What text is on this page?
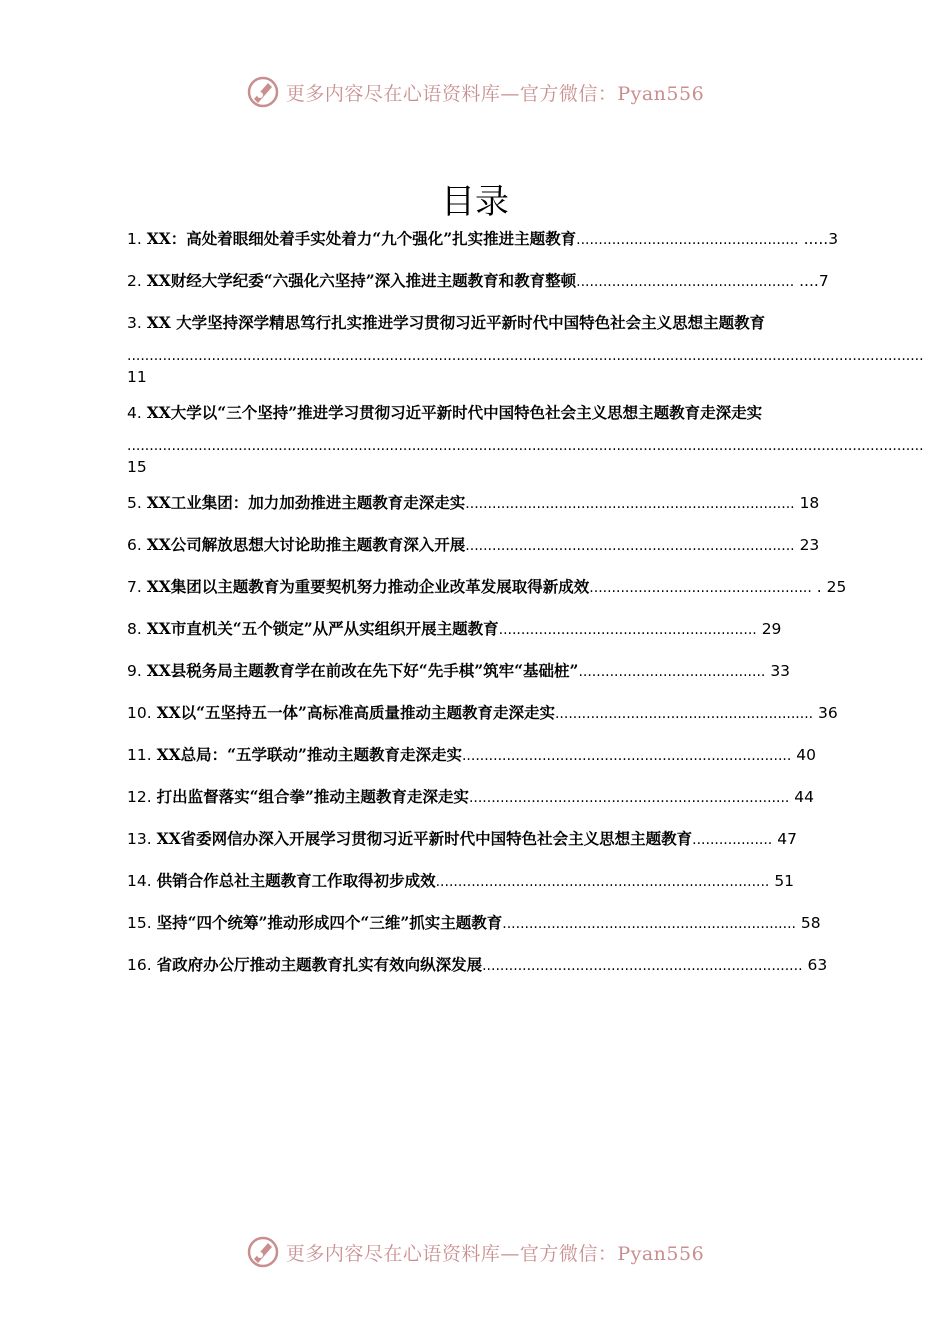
更多内容尽在心语资料库—官方微信：Pyan556
目录
1. XX：高处着眼细处着手实处着力“九个强化”扎实推进主题教育.................................................. .....3
2. XX财经大学纪委“六强化六坚持”深入推进主题教育和教育整顿................................................. ....7
3. XX 大学坚持深学精思笃行扎实推进学习贯彻习近平新时代中国特色社会主义思想主题教育
...................................................................................................................................................................................
11
4. XX大学以“三个坚持”推进学习贯彻习近平新时代中国特色社会主义思想主题教育走深走实
...................................................................................................................................................................................
15
5. XX工业集团：加力加劲推进主题教育走深走实.......................................................................... 18
6. XX公司解放思想大讨论助推主题教育深入开展.......................................................................... 23
7. XX集团以主题教育为重要契机努力推动企业改革发展取得新成效.................................................. . 25
8. XX市直机关“五个锁定”从严从实组织开展主题教育.......................................................... 29
9. XX县税务局主题教育学在前改在先下好“先手棋”筑牢“基础桩”.......................................... 33
10. XX以“五坚持五一体”高标准高质量推动主题教育走深走实.......................................................... 36
11. XX总局：“五学联动”推动主题教育走深走实.......................................................................... 40
12. 打出监督落实“组合拳”推动主题教育走深走实........................................................................ 44
13. XX省委网信办深入开展学习贯彻习近平新时代中国特色社会主义思想主题教育.................. 47
14. 供销合作总社主题教育工作取得初步成效........................................................................... 51
15. 坚持“四个统筹”推动形成四个“三维”抓实主题教育.................................................................. 58
16. 省政府办公厅推动主题教育扎实有效向纵深发展........................................................................ 63
更多内容尽在心语资料库—官方微信：Pyan556
